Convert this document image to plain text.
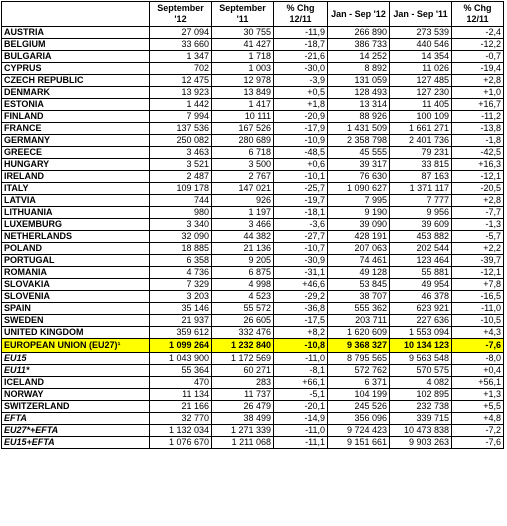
	September '12	September '11	% Chg 12/11	Jan - Sep '12	Jan - Sep '11	% Chg 12/11
AUSTRIA	27 094	30 755	-11,9	266 890	273 539	-2,4
BELGIUM	33 660	41 427	-18,7	386 733	440 546	-12,2
BULGARIA	1 347	1 718	-21,6	14 252	14 354	-0,7
CYPRUS	702	1 003	-30,0	8 892	11 026	-19,4
CZECH REPUBLIC	12 475	12 978	-3,9	131 059	127 485	+2,8
DENMARK	13 923	13 849	+0,5	128 493	127 230	+1,0
ESTONIA	1 442	1 417	+1,8	13 314	11 405	+16,7
FINLAND	7 994	10 111	-20,9	88 926	100 109	-11,2
FRANCE	137 536	167 526	-17,9	1 431 509	1 661 271	-13,8
GERMANY	250 082	280 689	-10,9	2 358 798	2 401 736	-1,8
GREECE	3 463	6 718	-48,5	45 555	79 231	-42,5
HUNGARY	3 521	3 500	+0,6	39 317	33 815	+16,3
IRELAND	2 487	2 767	-10,1	76 630	87 163	-12,1
ITALY	109 178	147 021	-25,7	1 090 627	1 371 117	-20,5
LATVIA	744	926	-19,7	7 995	7 777	+2,8
LITHUANIA	980	1 197	-18,1	9 190	9 956	-7,7
LUXEMBURG	3 340	3 466	-3,6	39 090	39 609	-1,3
NETHERLANDS	32 090	44 382	-27,7	428 191	453 882	-5,7
POLAND	18 885	21 136	-10,7	207 063	202 544	+2,2
PORTUGAL	6 358	9 205	-30,9	74 461	123 464	-39,7
ROMANIA	4 736	6 875	-31,1	49 128	55 881	-12,1
SLOVAKIA	7 329	4 998	+46,6	53 845	49 954	+7,8
SLOVENIA	3 203	4 523	-29,2	38 707	46 378	-16,5
SPAIN	35 146	55 572	-36,8	555 362	623 921	-11,0
SWEDEN	21 937	26 605	-17,5	203 711	227 636	-10,5
UNITED KINGDOM	359 612	332 476	+8,2	1 620 609	1 553 094	+4,3
EUROPEAN UNION (EU27)¹	1 099 264	1 232 840	-10,8	9 368 327	10 134 123	-7,6
EU15	1 043 900	1 172 569	-11,0	8 795 565	9 563 548	-8,0
EU11*	55 364	60 271	-8,1	572 762	570 575	+0,4
ICELAND	470	283	+66,1	6 371	4 082	+56,1
NORWAY	11 134	11 737	-5,1	104 199	102 895	+1,3
SWITZERLAND	21 166	26 479	-20,1	245 526	232 738	+5,5
EFTA	32 770	38 499	-14,9	356 096	339 715	+4,8
EU27*+EFTA	1 132 034	1 271 339	-11,0	9 724 423	10 473 838	-7,2
EU15+EFTA	1 076 670	1 211 068	-11,1	9 151 661	9 903 263	-7,6
